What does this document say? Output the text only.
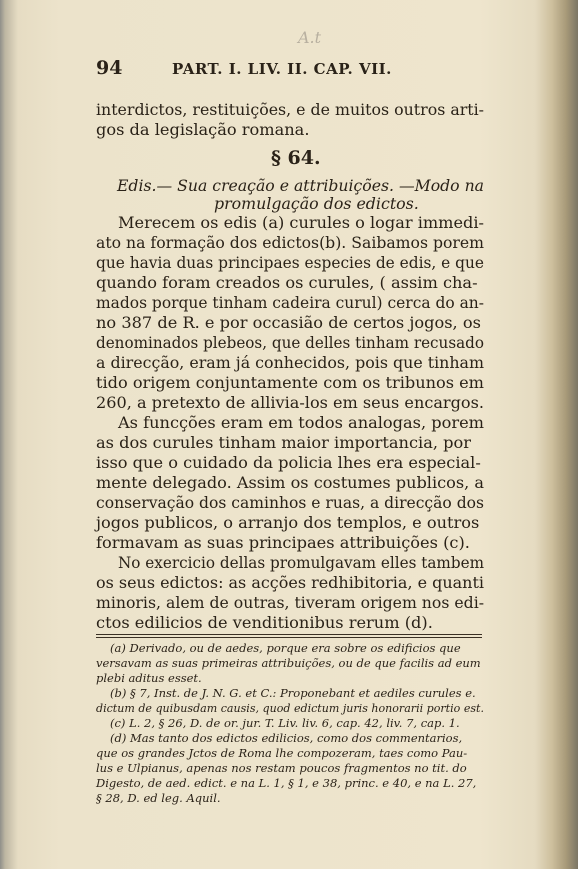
A.t
94	PART. I. LIV. II. CAP. VII.
interdictos, restituições, e de muitos outros arti-
gos da legislação romana.
§ 64.
Edis.— Sua creação e attribuições. —Modo na
promulgação dos edictos.
Merecem os edis (a) curules o logar immedi-
ato na formação dos edictos(b). Saibamos porem
que havia duas principaes especies de edis, e que
quando foram creados os curules, ( assim cha-
mados porque tinham cadeira curul) cerca do an-
no 387 de R. e por occasião de certos jogos, os
denominados plebeos, que delles tinham recusado
a direcção, eram já conhecidos, pois que tinham
tido origem conjuntamente com os tribunos em
260, a pretexto de allivia-los em seus encargos.
As funcções eram em todos analogas, porem
as dos curules tinham maior importancia, por
isso que o cuidado da policia lhes era especial-
mente delegado. Assim os costumes publicos, a
conservação dos caminhos e ruas, a direcção dos
jogos publicos, o arranjo dos templos, e outros
formavam as suas principaes attribuições (c).
No exercicio dellas promulgavam elles tambem
os seus edictos: as acções redhibitoria, e quanti
minoris, alem de outras, tiveram origem nos edi-
ctos edilicios de venditionibus rerum (d).
(a) Derivado, ou de aedes, porque era sobre os edificios que
versavam as suas primeiras attribuições, ou de que facilis ad eum
plebi aditus esset.
(b) § 7, Inst. de J. N. G. et C.: Proponebant et aediles curules e.
dictum de quibusdam causis, quod edictum juris honorarii portio est.
(c) L. 2, § 26, D. de or. jur. T. Liv. liv. 6, cap. 42, liv. 7, cap. 1.
(d) Mas tanto dos edictos edilicios, como dos commentarios,
que os grandes Jctos de Roma lhe compozeram, taes como Pau-
lus e Ulpianus, apenas nos restam poucos fragmentos no tit. do
Digesto, de aed. edict. e na L. 1, § 1, e 38, princ. e 40, e na L. 27,
§ 28, D. ed leg. Aquil.
